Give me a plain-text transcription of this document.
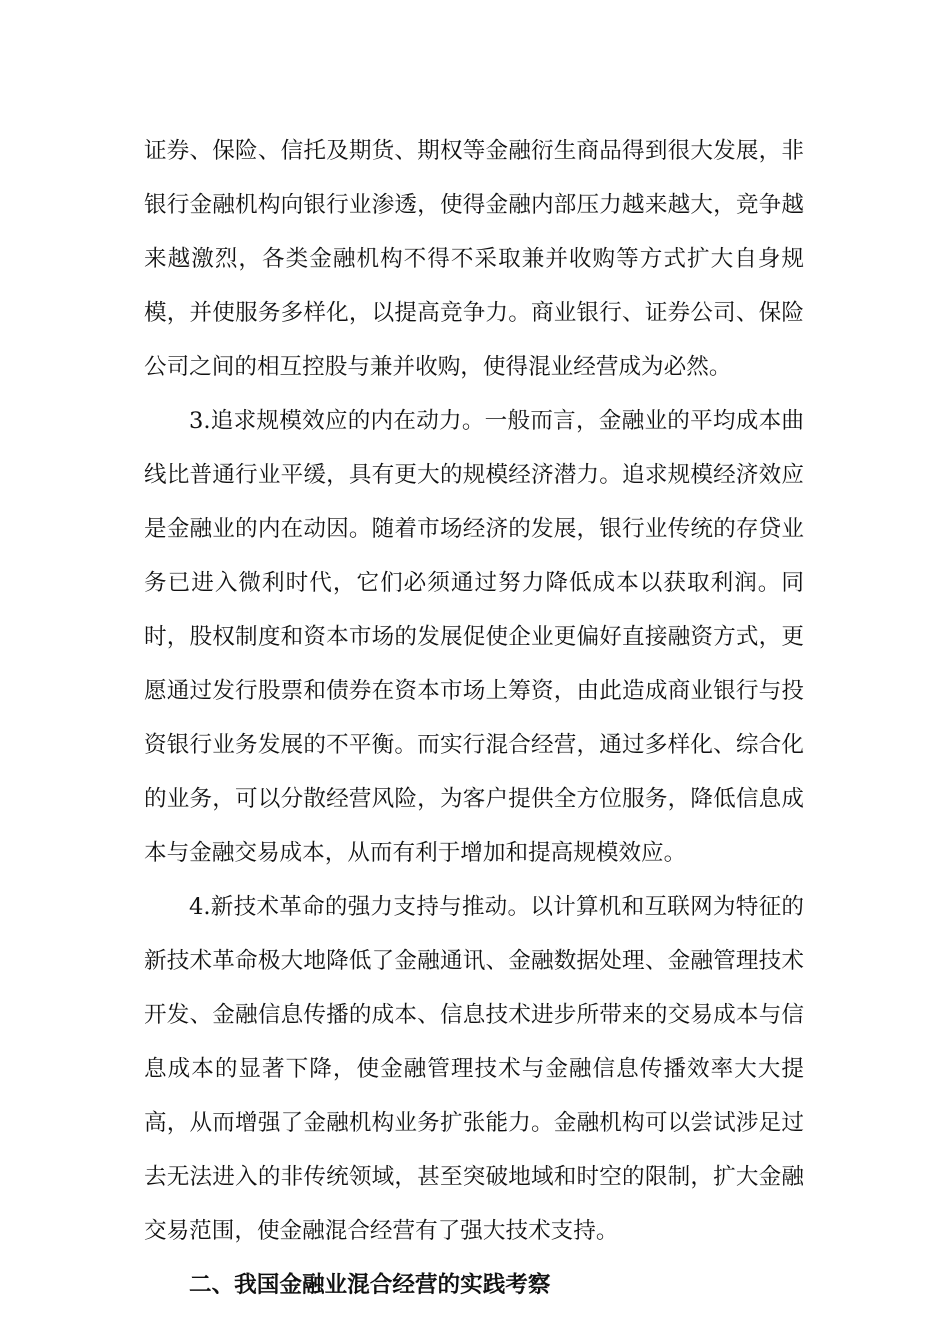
证券、保险、信托及期货、期权等金融衍生商品得到很大发展，非银行金融机构向银行业渗透，使得金融内部压力越来越大，竞争越来越激烈，各类金融机构不得不采取兼并收购等方式扩大自身规模，并使服务多样化，以提高竞争力。商业银行、证券公司、保险公司之间的相互控股与兼并收购，使得混业经营成为必然。

3.追求规模效应的内在动力。一般而言，金融业的平均成本曲线比普通行业平缓，具有更大的规模经济潜力。追求规模经济效应是金融业的内在动因。随着市场经济的发展，银行业传统的存贷业务已进入微利时代，它们必须通过努力降低成本以获取利润。同时，股权制度和资本市场的发展促使企业更偏好直接融资方式，更愿通过发行股票和债券在资本市场上筹资，由此造成商业银行与投资银行业务发展的不平衡。而实行混合经营，通过多样化、综合化的业务，可以分散经营风险，为客户提供全方位服务，降低信息成本与金融交易成本，从而有利于增加和提高规模效应。

4.新技术革命的强力支持与推动。以计算机和互联网为特征的新技术革命极大地降低了金融通讯、金融数据处理、金融管理技术开发、金融信息传播的成本、信息技术进步所带来的交易成本与信息成本的显著下降，使金融管理技术与金融信息传播效率大大提高，从而增强了金融机构业务扩张能力。金融机构可以尝试涉足过去无法进入的非传统领域，甚至突破地域和时空的限制，扩大金融交易范围，使金融混合经营有了强大技术支持。

二、我国金融业混合经营的实践考察
